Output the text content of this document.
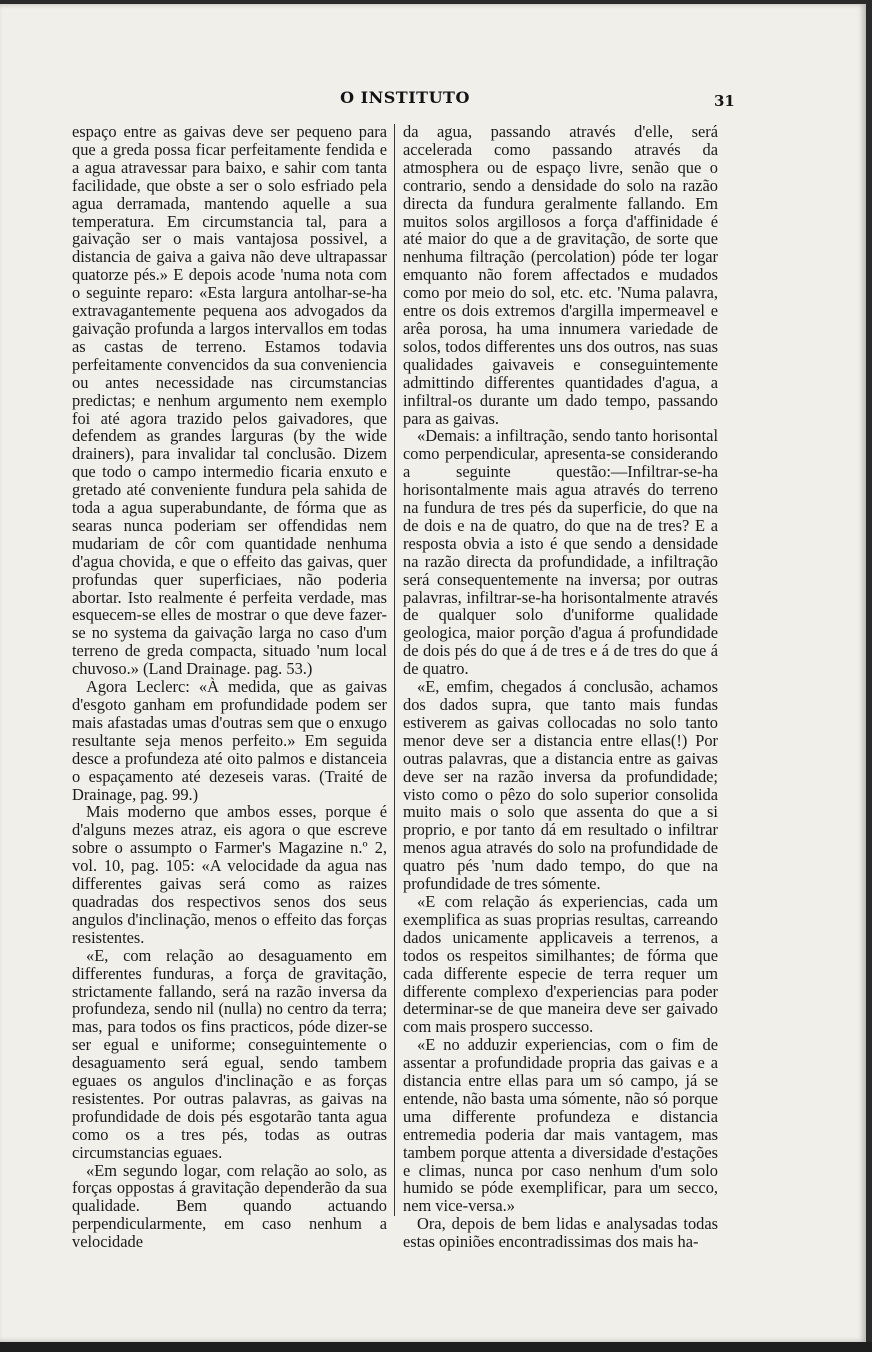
O INSTITUTO	31

espaço entre as gaivas deve ser pequeno para que a greda possa ficar perfeitamente fendida e a agua atravessar para baixo, e sahir com tanta facilidade, que obste a ser o solo esfriado pela agua derramada, mantendo aquelle a sua temperatura. Em circumstancia tal, para a gaivação ser o mais vantajosa possivel, a distancia de gaiva a gaiva não deve ultrapassar quatorze pés.» E depois acode 'numa nota com o seguinte reparo: «Esta largura antolhar-se-ha extravagantemente pequena aos advogados da gaivação profunda a largos intervallos em todas as castas de terreno. Estamos todavia perfeitamente convencidos da sua conveniencia ou antes necessidade nas circumstancias predictas; e nenhum argumento nem exemplo foi até agora trazido pelos gaivadores, que defendem as grandes larguras (by the wide drainers), para invalidar tal conclusão. Dizem que todo o campo intermedio ficaria enxuto e gretado até conveniente fundura pela sahida de toda a agua superabundante, de fórma que as searas nunca poderiam ser offendidas nem mudariam de côr com quantidade nenhuma d'agua chovida, e que o effeito das gaivas, quer profundas quer superficiaes, não poderia abortar. Isto realmente é perfeita verdade, mas esquecem-se elles de mostrar o que deve fazer-se no systema da gaivação larga no caso d'um terreno de greda compacta, situado 'num local chuvoso.» (Land Drainage. pag. 53.)

Agora Leclerc: «À medida, que as gaivas d'esgoto ganham em profundidade podem ser mais afastadas umas d'outras sem que o enxugo resultante seja menos perfeito.» Em seguida desce a profundeza até oito palmos e distanceia o espaçamento até dezeseis varas. (Traité de Drainage, pag. 99.)

Mais moderno que ambos esses, porque é d'alguns mezes atraz, eis agora o que escreve sobre o assumpto o Farmer's Magazine n.º 2, vol. 10, pag. 105: «A velocidade da agua nas differentes gaivas será como as raizes quadradas dos respectivos senos dos seus angulos d'inclinação, menos o effeito das forças resistentes.

«E, com relação ao desaguamento em differentes funduras, a força de gravitação, strictamente fallando, será na razão inversa da profundeza, sendo nil (nulla) no centro da terra; mas, para todos os fins practicos, póde dizer-se ser egual e uniforme; conseguintemente o desaguamento será egual, sendo tambem eguaes os angulos d'inclinação e as forças resistentes. Por outras palavras, as gaivas na profundidade de dois pés esgotarão tanta agua como os a tres pés, todas as outras circumstancias eguaes.

«Em segundo logar, com relação ao solo, as forças oppostas á gravitação dependerão da sua qualidade. Bem quando actuando perpendicularmente, em caso nenhum a velocidade

da agua, passando através d'elle, será accelerada como passando através da atmosphera ou de espaço livre, senão que o contrario, sendo a densidade do solo na razão directa da fundura geralmente fallando. Em muitos solos argillosos a força d'affinidade é até maior do que a de gravitação, de sorte que nenhuma filtração (percolation) póde ter logar emquanto não forem affectados e mudados como por meio do sol, etc. etc. 'Numa palavra, entre os dois extremos d'argilla impermeavel e arêa porosa, ha uma innumera variedade de solos, todos differentes uns dos outros, nas suas qualidades gaivaveis e conseguintemente admittindo differentes quantidades d'agua, a infiltral-os durante um dado tempo, passando para as gaivas.

«Demais: a infiltração, sendo tanto horisontal como perpendicular, apresenta-se considerando a seguinte questão:—Infiltrar-se-ha horisontalmente mais agua através do terreno na fundura de tres pés da superficie, do que na de dois e na de quatro, do que na de tres? E a resposta obvia a isto é que sendo a densidade na razão directa da profundidade, a infiltração será consequentemente na inversa; por outras palavras, infiltrar-se-ha horisontalmente através de qualquer solo d'uniforme qualidade geologica, maior porção d'agua á profundidade de dois pés do que á de tres e á de tres do que á de quatro.

«E, emfim, chegados á conclusão, achamos dos dados supra, que tanto mais fundas estiverem as gaivas collocadas no solo tanto menor deve ser a distancia entre ellas(!) Por outras palavras, que a distancia entre as gaivas deve ser na razão inversa da profundidade; visto como o pêzo do solo superior consolida muito mais o solo que assenta do que a si proprio, e por tanto dá em resultado o infiltrar menos agua através do solo na profundidade de quatro pés 'num dado tempo, do que na profundidade de tres sómente.

«E com relação ás experiencias, cada um exemplifica as suas proprias resultas, carreando dados unicamente applicaveis a terrenos, a todos os respeitos similhantes; de fórma que cada differente especie de terra requer um differente complexo d'experiencias para poder determinar-se de que maneira deve ser gaivado com mais prospero successo.

«E no adduzir experiencias, com o fim de assentar a profundidade propria das gaivas e a distancia entre ellas para um só campo, já se entende, não basta uma sómente, não só porque uma differente profundeza e distancia entremedia poderia dar mais vantagem, mas tambem porque attenta a diversidade d'estações e climas, nunca por caso nenhum d'um solo humido se póde exemplificar, para um secco, nem vice-versa.»

Ora, depois de bem lidas e analysadas todas estas opiniões encontradissimas dos mais ha-
